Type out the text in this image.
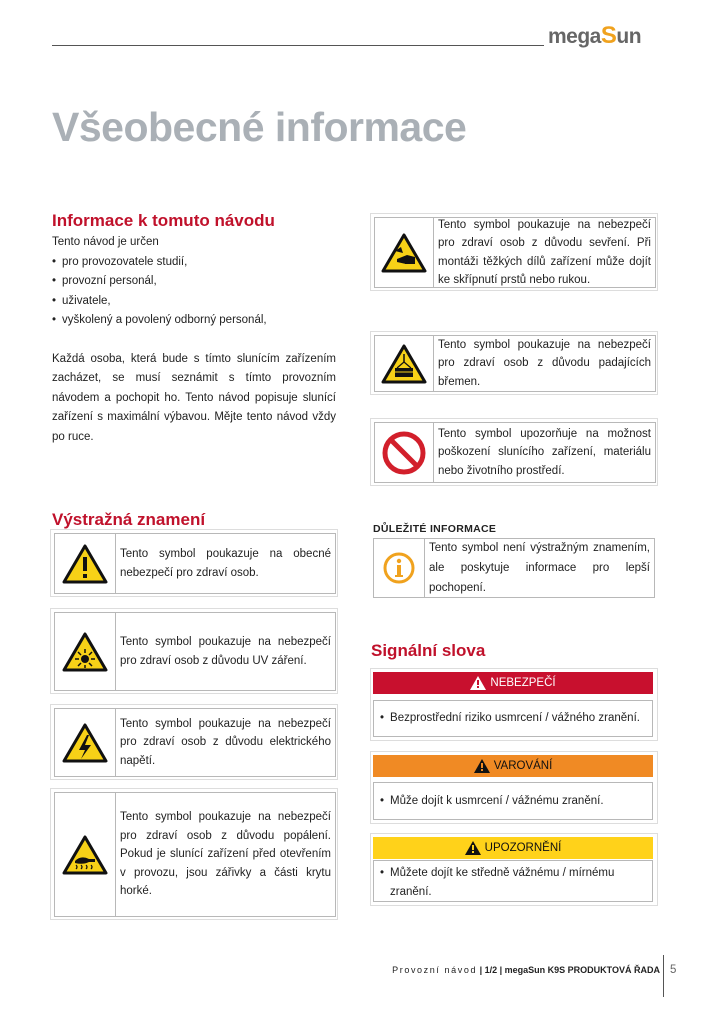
megaSun
Všeobecné informace
Informace k tomuto návodu
Tento návod je určen
• pro provozovatele studií,
• provozní personál,
• uživatele,
• vyškolený a povolený odborný personál,
Každá osoba, která bude s tímto slunícím zařízením zacházet, se musí seznámit s tímto provozním návodem a pochopit ho. Tento návod popisuje slunící zařízení s maximální výbavou. Mějte tento návod vždy po ruce.
Výstražná znamení
Tento symbol poukazuje na obecné nebezpečí pro zdraví osob.
Tento symbol poukazuje na nebezpečí pro zdraví osob z důvodu UV záření.
Tento symbol poukazuje na nebezpečí pro zdraví osob z důvodu elektrického napětí.
Tento symbol poukazuje na nebezpečí pro zdraví osob z důvodu popálení. Pokud je slunící zařízení před otevřením v provozu, jsou zářivky a části krytu horké.
Tento symbol poukazuje na nebezpečí pro zdraví osob z důvodu sevření. Při montáži těžkých dílů zařízení může dojít ke skřípnutí prstů nebo rukou.
Tento symbol poukazuje na nebezpečí pro zdraví osob z důvodu padajících břemen.
Tento symbol upozorňuje na možnost poškození slunícího zařízení, materiálu nebo životního prostředí.
DŮLEŽITÉ INFORMACE
Tento symbol není výstražným znamením, ale poskytuje informace pro lepší pochopení.
Signální slova
NEBEZPEČÍ
• Bezprostřední riziko usmrcení / vážného zranění.
VAROVÁNÍ
• Může dojít k usmrcení / vážnému zranění.
UPOZORNĚNÍ
• Můžete dojít ke středně vážnému / mírnému zranění.
Provozní návod | 1/2 | megaSun K9S PRODUKTOVÁ ŘADA 5
